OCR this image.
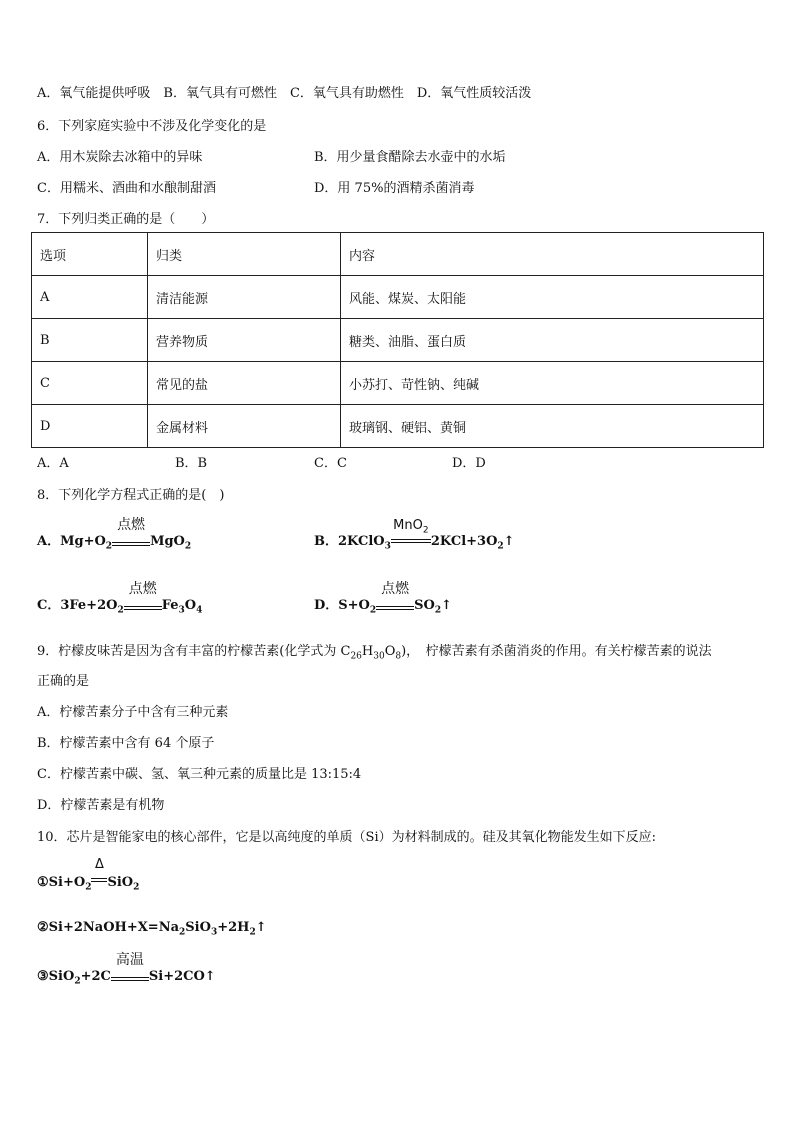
A．氧气能提供呼吸　B．氧气具有可燃性　C．氧气具有助燃性　D．氧气性质较活泼
6．下列家庭实验中不涉及化学变化的是
A．用木炭除去冰箱中的异味	B．用少量食醋除去水壶中的水垢
C．用糯米、酒曲和水酿制甜酒	D．用 75%的酒精杀菌消毒
7．下列归类正确的是（　　）
选项	归类	内容
A	清洁能源	风能、煤炭、太阳能
B	营养物质	糖类、油脂、蛋白质
C	常见的盐	小苏打、苛性钠、纯碱
D	金属材料	玻璃钢、硬铝、黄铜
A．A	B．B	C．C	D．D
8．下列化学方程式正确的是(　)
A．$Mg+O_2$
点燃
MgO$_2$	B．2KClO$_3$
MnO$_2$
$2KCl+3O_2↑$
C．$3Fe+2O_2$
点燃
$Fe_3O_4$	D．$S+O_2$
点燃
$SO_2↑$
9．柠檬皮味苦是因为含有丰富的柠檬苦素(化学式为 $C_{26}H_{30}O_8$)，　柠檬苦素有杀菌消炎的作用。有关柠檬苦素的说法
正确的是
A．柠檬苦素分子中含有三种元素
B．柠檬苦素中含有 64 个原子
C．柠檬苦素中碳、氢、氧三种元素的质量比是 13:15:4
D．柠檬苦素是有机物
10．芯片是智能家电的核心部件，它是以高纯度的单质（Si）为材料制成的。硅及其氧化物能发生如下反应:
$①Si+O_2$
Δ
SiO$_2$
$②Si+2NaOH+X=Na_2SiO_3+2H_2↑$
③SiO$_2$+2C
高温
Si+2CO↑
